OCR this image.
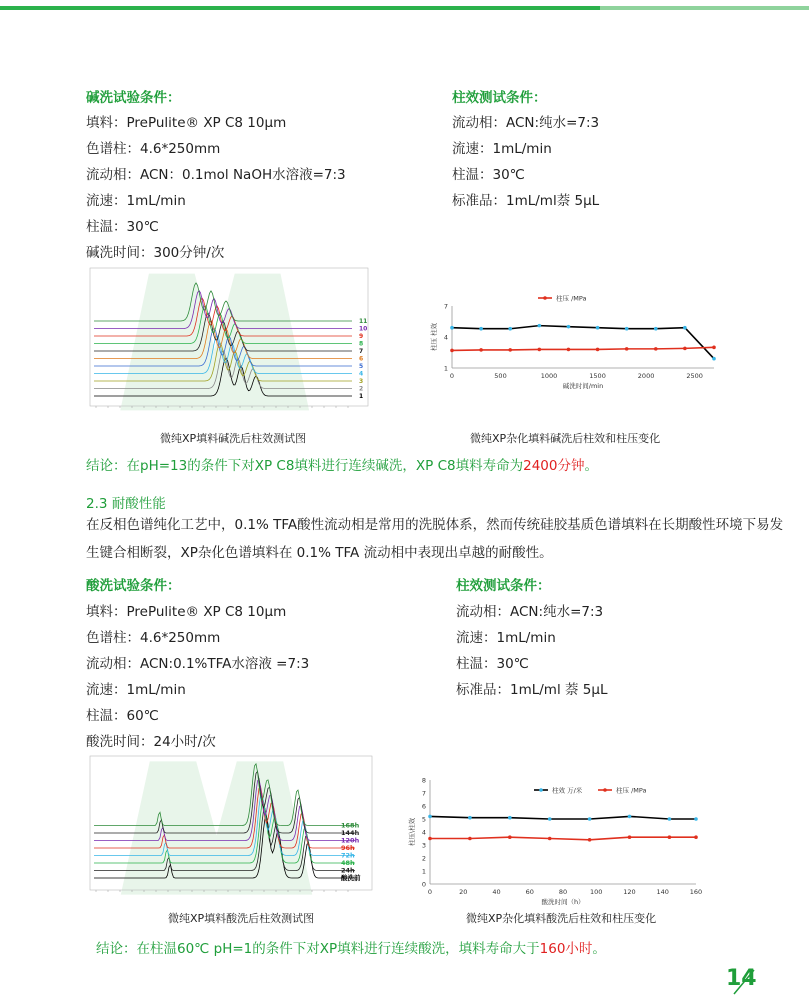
碱洗试验条件：
填料：PrePulite® XP C8 10μm
色谱柱：4.6*250mm
流动相：ACN：0.1mol NaOH水溶液=7:3
流速：1mL/min
柱温：30℃
碱洗时间：300分钟/次
柱效测试条件：
流动相：ACN:纯水=7:3
流速：1mL/min
柱温：30℃
标准品：1mL/ml萘 5μL
1
2
3
4
5
6
7
8
9
10
11
0	500	1000	1500	2000	2500
1
4
7
碱洗时间/min
柱压 柱效
柱压 /MPa
微纯XP填料碱洗后柱效测试图	微纯XP杂化填料碱洗后柱效和柱压变化
结论：在pH=13的条件下对XP C8填料进行连续碱洗，XP C8填料寿命为2400分钟。
2.3 耐酸性能
在反相色谱纯化工艺中，0.1% TFA酸性流动相是常用的洗脱体系，然而传统硅胶基质色谱填料在长期酸性环境下易发生键合相断裂，XP杂化色谱填料在 0.1% TFA 流动相中表现出卓越的耐酸性。
酸洗试验条件：
填料：PrePulite® XP C8 10μm
色谱柱：4.6*250mm
流动相：ACN:0.1%TFA水溶液 =7:3
流速：1mL/min
柱温：60℃
酸洗时间：24小时/次
柱效测试条件：
流动相：ACN:纯水=7:3
流速：1mL/min
柱温：30℃
标准品：1mL/ml 萘 5μL
酸洗前
24h
48h
72h
96h
120h
144h
168h
0	20	40	60	80	100	120	140	160
0
1
2
3
4
5
6
7
8
酸洗时间（h）
柱压\柱效
柱效 万/米	柱压 /MPa
微纯XP填料酸洗后柱效测试图	微纯XP杂化填料酸洗后柱效和柱压变化
结论：在柱温60℃ pH=1的条件下对XP填料进行连续酸洗，填料寿命大于160小时。
14
